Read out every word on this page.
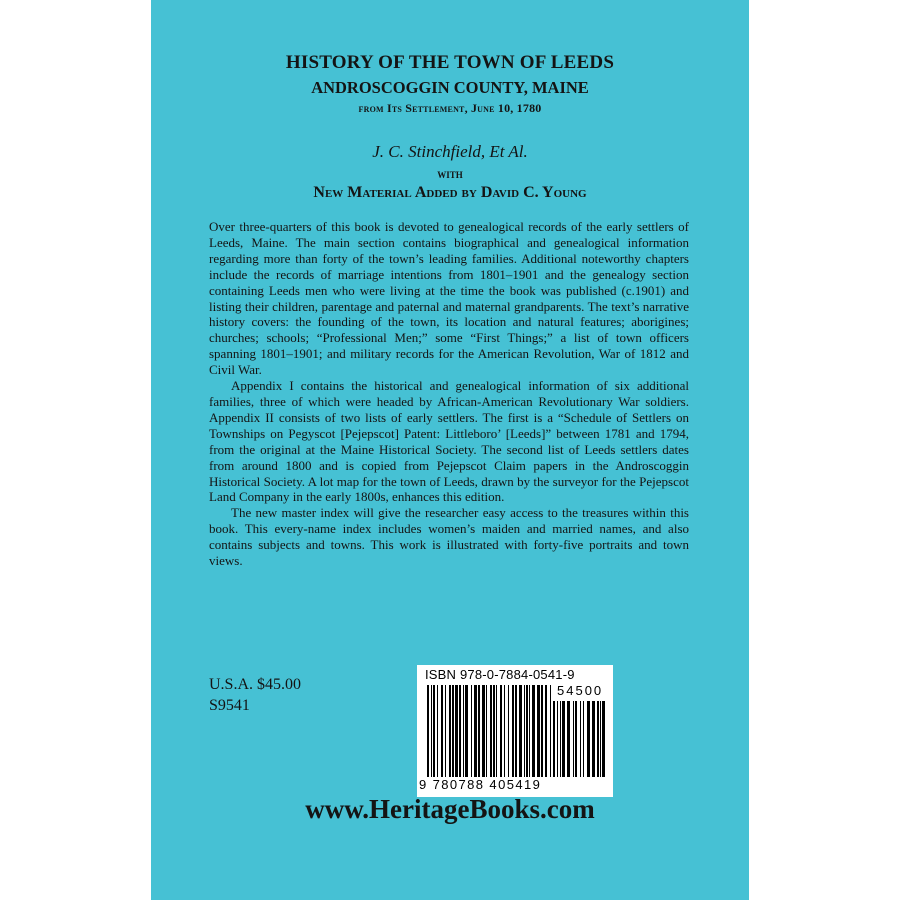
HISTORY OF THE TOWN OF LEEDS
ANDROSCOGGIN COUNTY, MAINE
from Its Settlement, June 10, 1780
J. C. Stinchfield, Et Al.
with
New Material Added by David C. Young

Over three-quarters of this book is devoted to genealogical records of the early settlers of Leeds, Maine. The main section contains biographical and genealogical information regarding more than forty of the town’s leading families. Additional noteworthy chapters include the records of marriage intentions from 1801–1901 and the genealogy section containing Leeds men who were living at the time the book was published (c.1901) and listing their children, parentage and paternal and maternal grandparents. The text’s narrative history covers: the founding of the town, its location and natural features; aborigines; churches; schools; “Professional Men;” some “First Things;” a list of town officers spanning 1801–1901; and military records for the American Revolution, War of 1812 and Civil War.

Appendix I contains the historical and genealogical information of six additional families, three of which were headed by African-American Revolutionary War soldiers. Appendix II consists of two lists of early settlers. The first is a “Schedule of Settlers on Townships on Pegyscot [Pejepscot] Patent: Littleboro’ [Leeds]” between 1781 and 1794, from the original at the Maine Historical Society. The second list of Leeds settlers dates from around 1800 and is copied from Pejepscot Claim papers in the Androscoggin Historical Society. A lot map for the town of Leeds, drawn by the surveyor for the Pejepscot Land Company in the early 1800s, enhances this edition.

The new master index will give the researcher easy access to the treasures within this book. This every-name index includes women’s maiden and married names, and also contains subjects and towns. This work is illustrated with forty-five portraits and town views.

U.S.A. $45.00
S9541
ISBN 978-0-7884-0541-9
54500
9 780788 405419
www.HeritageBooks.com
